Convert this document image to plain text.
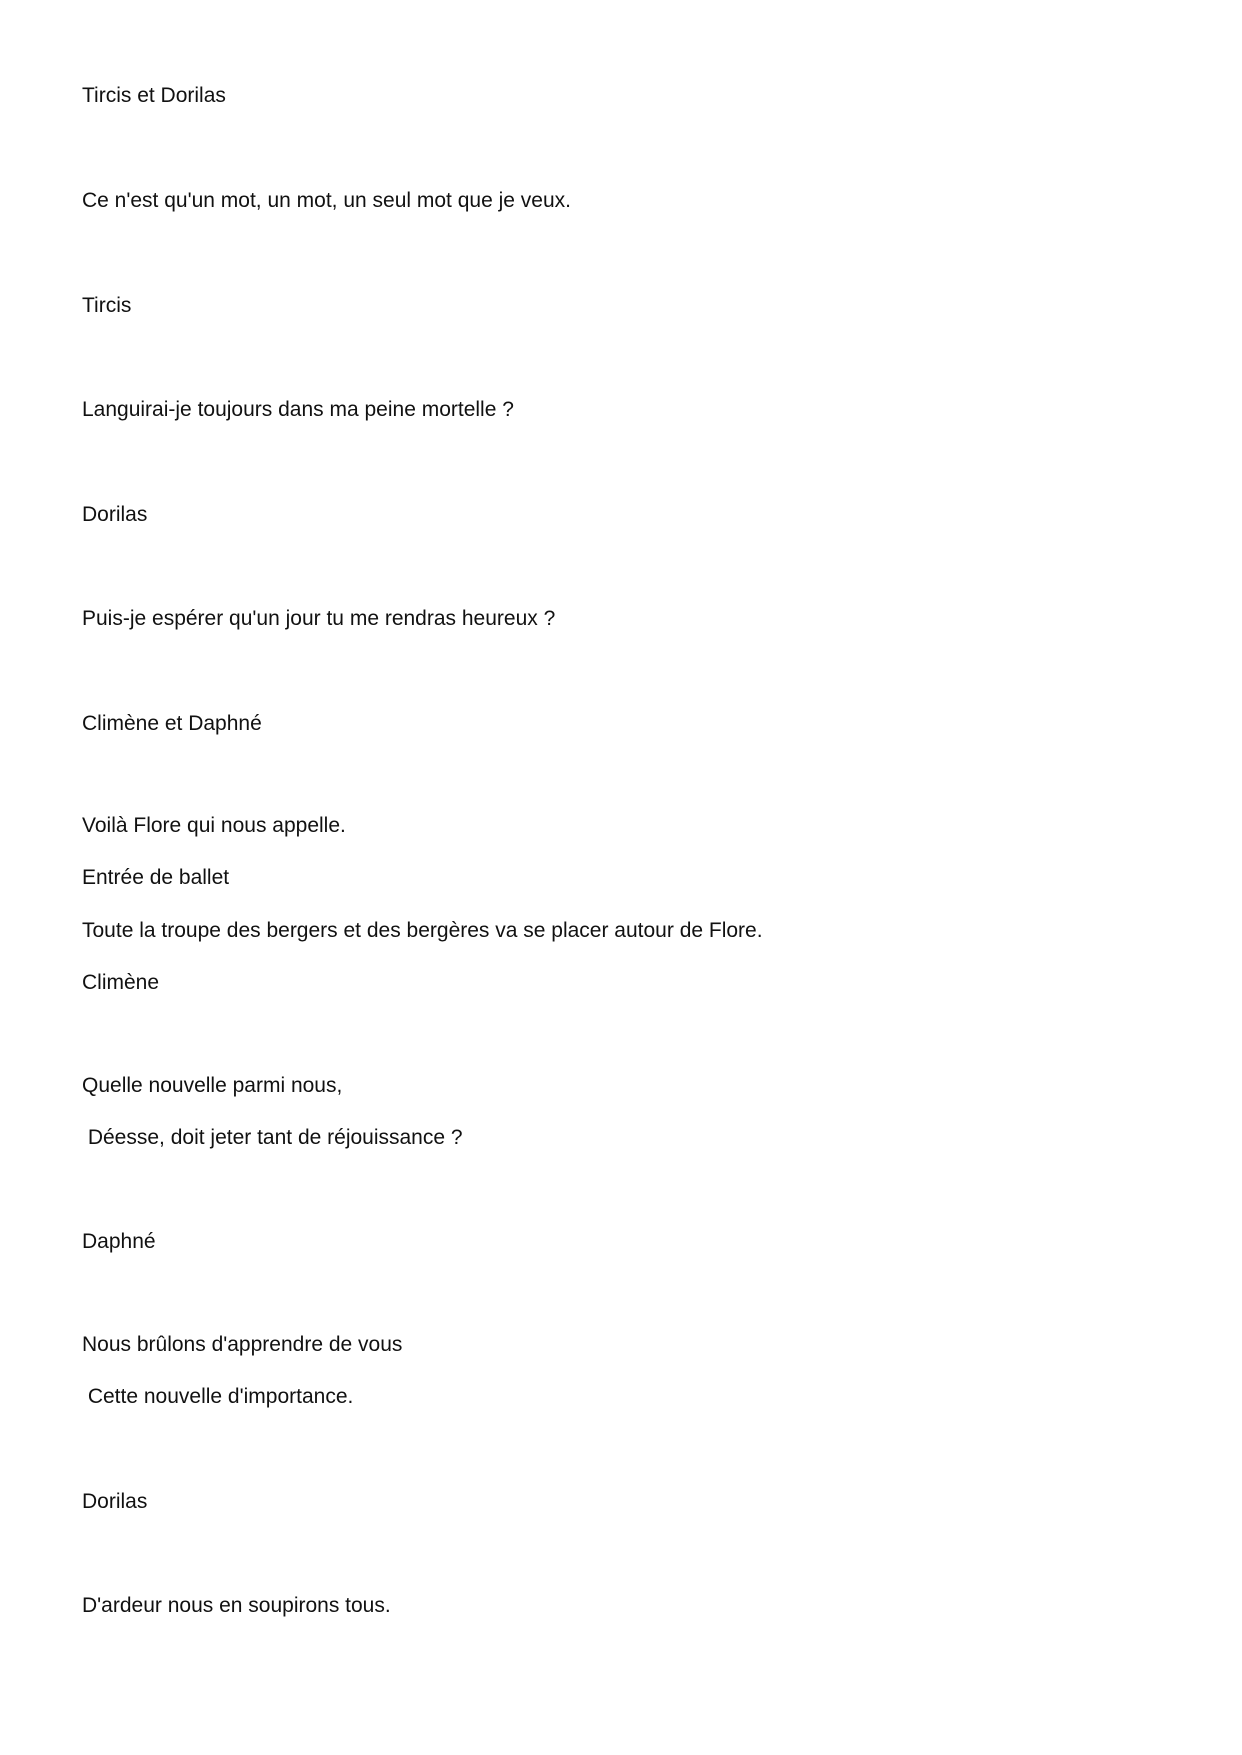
Tircis et Dorilas

Ce n'est qu'un mot, un mot, un seul mot que je veux.

Tircis

Languirai-je toujours dans ma peine mortelle ?

Dorilas

Puis-je espérer qu'un jour tu me rendras heureux ?

Climène et Daphné

Voilà Flore qui nous appelle.

Entrée de ballet

Toute la troupe des bergers et des bergères va se placer autour de Flore.

Climène

Quelle nouvelle parmi nous,

Déesse, doit jeter tant de réjouissance ?

Daphné

Nous brûlons d'apprendre de vous

Cette nouvelle d'importance.

Dorilas

D'ardeur nous en soupirons tous.
